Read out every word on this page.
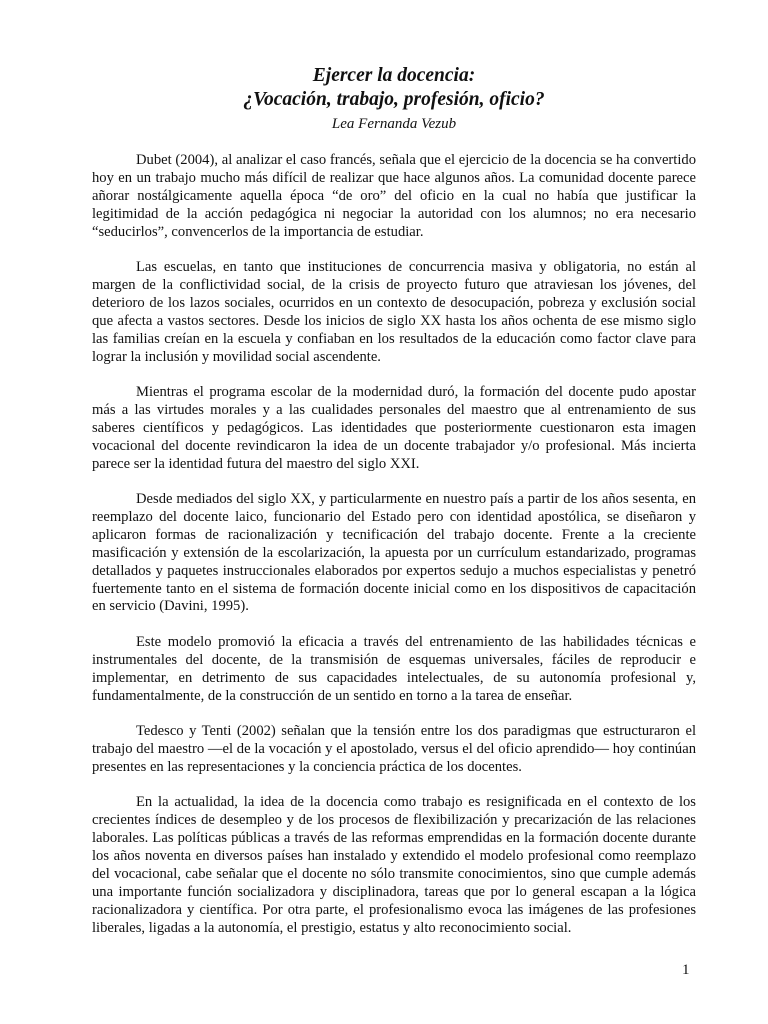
Ejercer la docencia:
¿Vocación, trabajo, profesión, oficio?

Lea Fernanda Vezub

Dubet (2004), al analizar el caso francés, señala que el ejercicio de la docencia se ha convertido hoy en un trabajo mucho más difícil de realizar que hace algunos años. La comunidad docente parece añorar nostálgicamente aquella época “de oro” del oficio en la cual no había que justificar la legitimidad de la acción pedagógica ni negociar la autoridad con los alumnos; no era necesario “seducirlos”, convencerlos de la importancia de estudiar.

Las escuelas, en tanto que instituciones de concurrencia masiva y obligatoria, no están al margen de la conflictividad social, de la crisis de proyecto futuro que atraviesan los jóvenes, del deterioro de los lazos sociales, ocurridos en un contexto de desocupación, pobreza y exclusión social que afecta a vastos sectores. Desde los inicios de siglo XX hasta los años ochenta de ese mismo siglo las familias creían en la escuela y confiaban en los resultados de la educación como factor clave para lograr la inclusión y movilidad social ascendente.

Mientras el programa escolar de la modernidad duró, la formación del docente pudo apostar más a las virtudes morales y a las cualidades personales del maestro que al entrenamiento de sus saberes científicos y pedagógicos. Las identidades que posteriormente cuestionaron esta imagen vocacional del docente revindicaron la idea de un docente trabajador y/o profesional. Más incierta parece ser la identidad futura del maestro del siglo XXI.

Desde mediados del siglo XX, y particularmente en nuestro país a partir de los años sesenta, en reemplazo del docente laico, funcionario del Estado pero con identidad apostólica, se diseñaron y aplicaron formas de racionalización y tecnificación del trabajo docente. Frente a la creciente masificación y extensión de la escolarización, la apuesta por un currículum estandarizado, programas detallados y paquetes instruccionales elaborados por expertos sedujo a muchos especialistas y penetró fuertemente tanto en el sistema de formación docente inicial como en los dispositivos de capacitación en servicio (Davini, 1995).

Este modelo promovió la eficacia a través del entrenamiento de las habilidades técnicas e instrumentales del docente, de la transmisión de esquemas universales, fáciles de reproducir e implementar, en detrimento de sus capacidades intelectuales, de su autonomía profesional y, fundamentalmente, de la construcción de un sentido en torno a la tarea de enseñar.

Tedesco y Tenti (2002) señalan que la tensión entre los dos paradigmas que estructuraron el trabajo del maestro —el de la vocación y el apostolado, versus el del oficio aprendido— hoy continúan presentes en las representaciones y la conciencia práctica de los docentes.

En la actualidad, la idea de la docencia como trabajo es resignificada en el contexto de los crecientes índices de desempleo y de los procesos de flexibilización y precarización de las relaciones laborales. Las políticas públicas a través de las reformas emprendidas en la formación docente durante los años noventa en diversos países han instalado y extendido el modelo profesional como reemplazo del vocacional, cabe señalar que el docente no sólo transmite conocimientos, sino que cumple además una importante función socializadora y disciplinadora, tareas que por lo general escapan a la lógica racionalizadora y científica. Por otra parte, el profesionalismo evoca las imágenes de las profesiones liberales, ligadas a la autonomía, el prestigio, estatus y alto reconocimiento social.

1
